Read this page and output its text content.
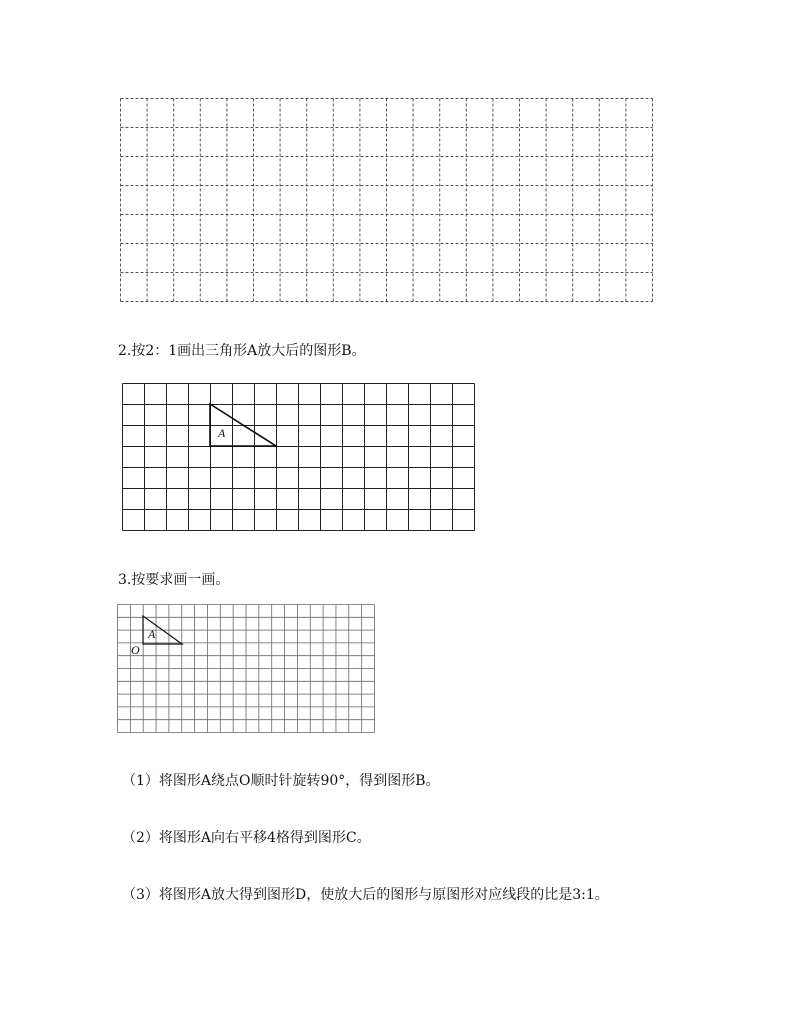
2.按2：1画出三角形A放大后的图形B。
A
3.按要求画一画。
A
O
（1）将图形A绕点O顺时针旋转90°，得到图形B。
（2）将图形A向右平移4格得到图形C。
（3）将图形A放大得到图形D，使放大后的图形与原图形对应线段的比是3:1。
